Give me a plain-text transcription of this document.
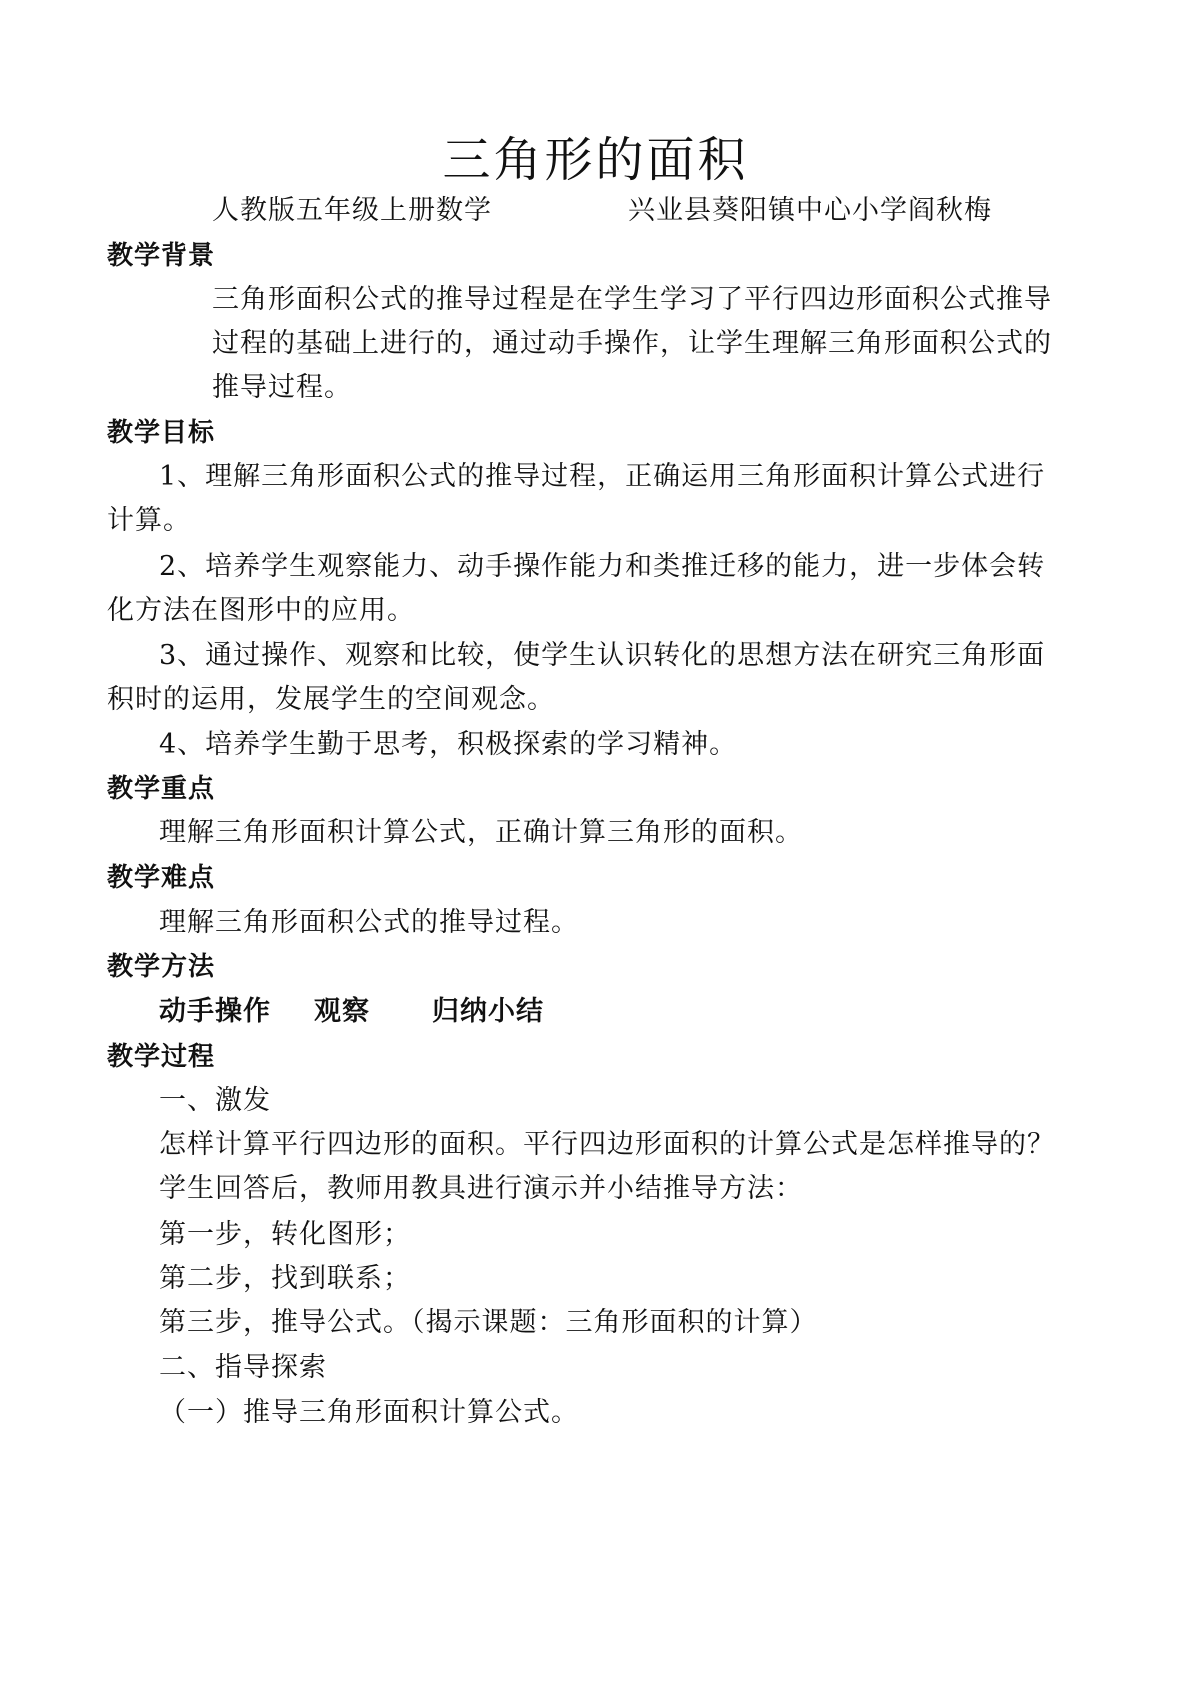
三角形的面积
人教版五年级上册数学	兴业县葵阳镇中心小学阎秋梅
教学背景
三角形面积公式的推导过程是在学生学习了平行四边形面积公式推导
过程的基础上进行的，通过动手操作，让学生理解三角形面积公式的
推导过程。
教学目标
1、理解三角形面积公式的推导过程，正确运用三角形面积计算公式进行
计算。
2、培养学生观察能力、动手操作能力和类推迁移的能力，进一步体会转
化方法在图形中的应用。
3、通过操作、观察和比较，使学生认识转化的思想方法在研究三角形面
积时的运用，发展学生的空间观念。
4、培养学生勤于思考，积极探索的学习精神。
教学重点
理解三角形面积计算公式，正确计算三角形的面积。
教学难点
理解三角形面积公式的推导过程。
教学方法
动手操作 观察 归纳小结
教学过程
一、激发
怎样计算平行四边形的面积。平行四边形面积的计算公式是怎样推导的？
学生回答后，教师用教具进行演示并小结推导方法：
第一步，转化图形；
第二步，找到联系；
第三步，推导公式。（揭示课题：三角形面积的计算）
二、指导探索
（一）推导三角形面积计算公式。
